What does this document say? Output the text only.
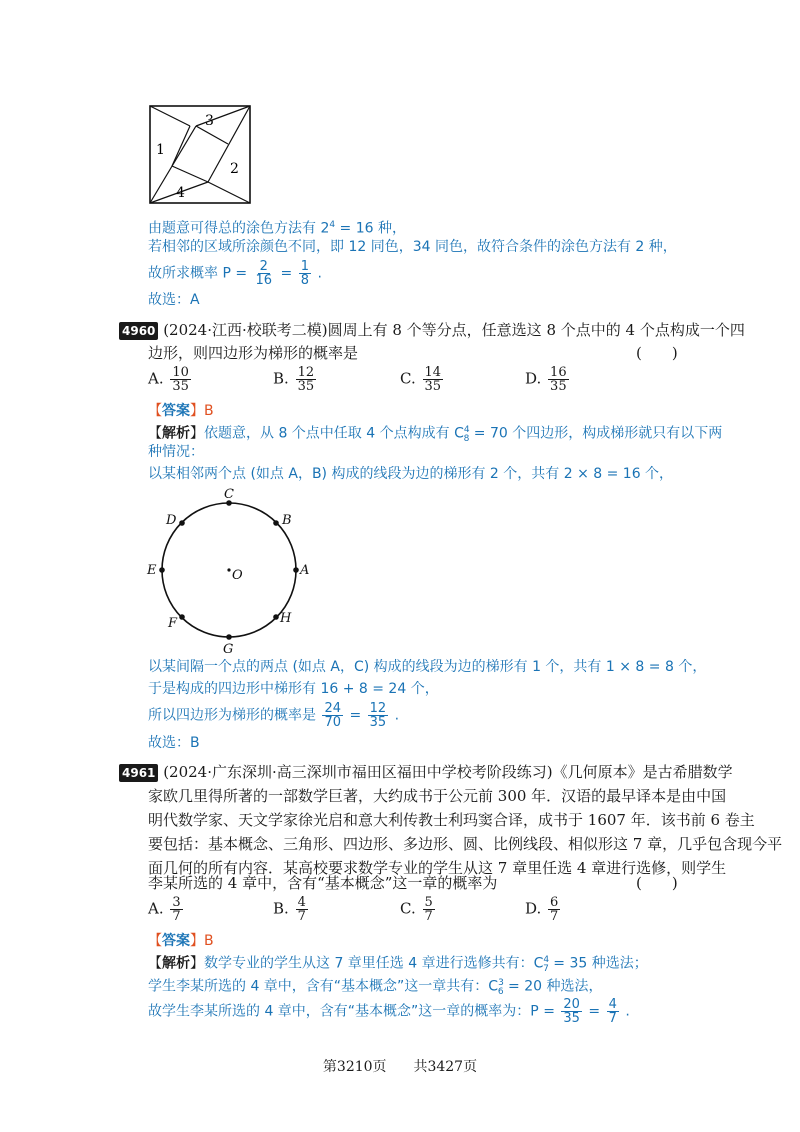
3
1
2
4
由题意可得总的涂色方法有 $2^4 = 16$ 种，
若相邻的区域所涂颜色不同，即 12 同色，34 同色，故符合条件的涂色方法有 2 种，
故所求概率 $P = \frac{2}{16} = \frac{1}{8}$ .
故选：A
4960 (2024·江西·校联考二模)圆周上有 8 个等分点，任意选这 8 个点中的 4 个点构成一个四
边形，则四边形为梯形的概率是	(　　)
A. $\frac{10}{35}$	B. $\frac{12}{35}$	C. $\frac{14}{35}$	D. $\frac{16}{35}$
【答案】B
【解析】依题意，从 8 个点中任取 4 个点构成有 $C^4_8 = 70$ 个四边形，构成梯形就只有以下两
种情况：
以某相邻两个点 (如点 A，B) 构成的线段为边的梯形有 2 个，共有 2 × 8 = 16 个，
A
B
C
D
E
F
G
H
O
以某间隔一个点的两点 (如点 A，C) 构成的线段为边的梯形有 1 个，共有 1 × 8 = 8 个，
于是构成的四边形中梯形有 16 + 8 = 24 个，
所以四边形为梯形的概率是 $\frac{24}{70} = \frac{12}{35}$ .
故选：B
4961 (2024·广东深圳·高三深圳市福田区福田中学校考阶段练习)《几何原本》是古希腊数学
家欧几里得所著的一部数学巨著，大约成书于公元前 300 年．汉语的最早译本是由中国
明代数学家、天文学家徐光启和意大利传教士利玛窦合译，成书于 1607 年．该书前 6 卷主
要包括：基本概念、三角形、四边形、多边形、圆、比例线段、相似形这 7 章，几乎包含现今平
面几何的所有内容．某高校要求数学专业的学生从这 7 章里任选 4 章进行选修，则学生
李某所选的 4 章中，含有“基本概念”这一章的概率为	(　　)
A. $\frac{3}{7}$	B. $\frac{4}{7}$	C. $\frac{5}{7}$	D. $\frac{6}{7}$
【答案】B
【解析】数学专业的学生从这 7 章里任选 4 章进行选修共有：$C^4_7 = 35$ 种选法；
学生李某所选的 4 章中，含有“基本概念”这一章共有：$C^3_6 = 20$ 种选法，
故学生李某所选的 4 章中，含有“基本概念”这一章的概率为：$P = \frac{20}{35} = \frac{4}{7}$ .
第3210页 共3427页
